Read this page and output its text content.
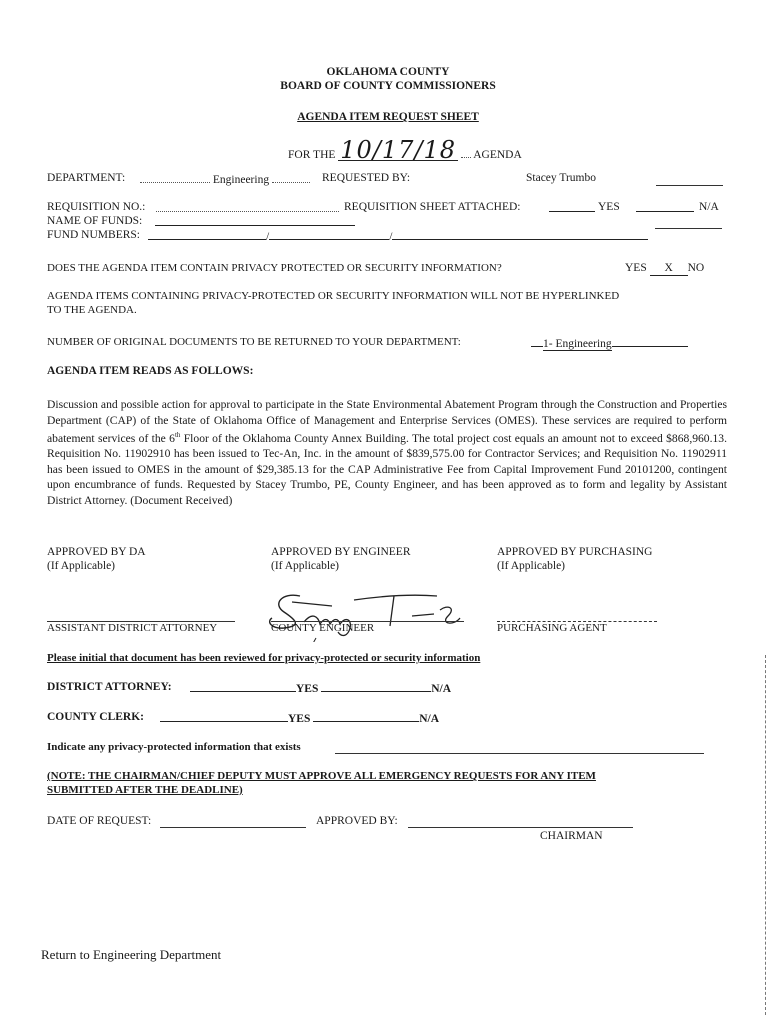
OKLAHOMA COUNTY
BOARD OF COUNTY COMMISSIONERS
AGENDA ITEM REQUEST SHEET
FOR THE 10/17/18 AGENDA
DEPARTMENT:	Engineering	REQUESTED BY:	Stacey Trumbo
REQUISITION NO.:	REQUISITION SHEET ATTACHED:	YES	N/A
NAME OF FUNDS:
FUND NUMBERS:	/	/
DOES THE AGENDA ITEM CONTAIN PRIVACY PROTECTED OR SECURITY INFORMATION?	YES X NO
AGENDA ITEMS CONTAINING PRIVACY-PROTECTED OR SECURITY INFORMATION WILL NOT BE HYPERLINKED
TO THE AGENDA.
NUMBER OF ORIGINAL DOCUMENTS TO BE RETURNED TO YOUR DEPARTMENT:	1- Engineering
AGENDA ITEM READS AS FOLLOWS:
Discussion and possible action for approval to participate in the State Environmental Abatement Program through the Construction and Properties Department (CAP) of the State of Oklahoma Office of Management and Enterprise Services (OMES). These services are required to perform abatement services of the 6th Floor of the Oklahoma County Annex Building. The total project cost equals an amount not to exceed $868,960.13. Requisition No. 11902910 has been issued to Tec-An, Inc. in the amount of $839,575.00 for Contractor Services; and Requisition No. 11902911 has been issued to OMES in the amount of $29,385.13 for the CAP Administrative Fee from Capital Improvement Fund 20101200, contingent upon encumbrance of funds. Requested by Stacey Trumbo, PE, County Engineer, and has been approved as to form and legality by Assistant District Attorney. (Document Received)
APPROVED BY DA
(If Applicable)
APPROVED BY ENGINEER
(If Applicable)
APPROVED BY PURCHASING
(If Applicable)
ASSISTANT DISTRICT ATTORNEY	COUNTY ENGINEER	PURCHASING AGENT
Please initial that document has been reviewed for privacy-protected or security information
DISTRICT ATTORNEY:	YES	N/A
COUNTY CLERK:	YES	N/A
Indicate any privacy-protected information that exists
(NOTE: THE CHAIRMAN/CHIEF DEPUTY MUST APPROVE ALL EMERGENCY REQUESTS FOR ANY ITEM
SUBMITTED AFTER THE DEADLINE)
DATE OF REQUEST:	APPROVED BY:
CHAIRMAN
Return to Engineering Department
